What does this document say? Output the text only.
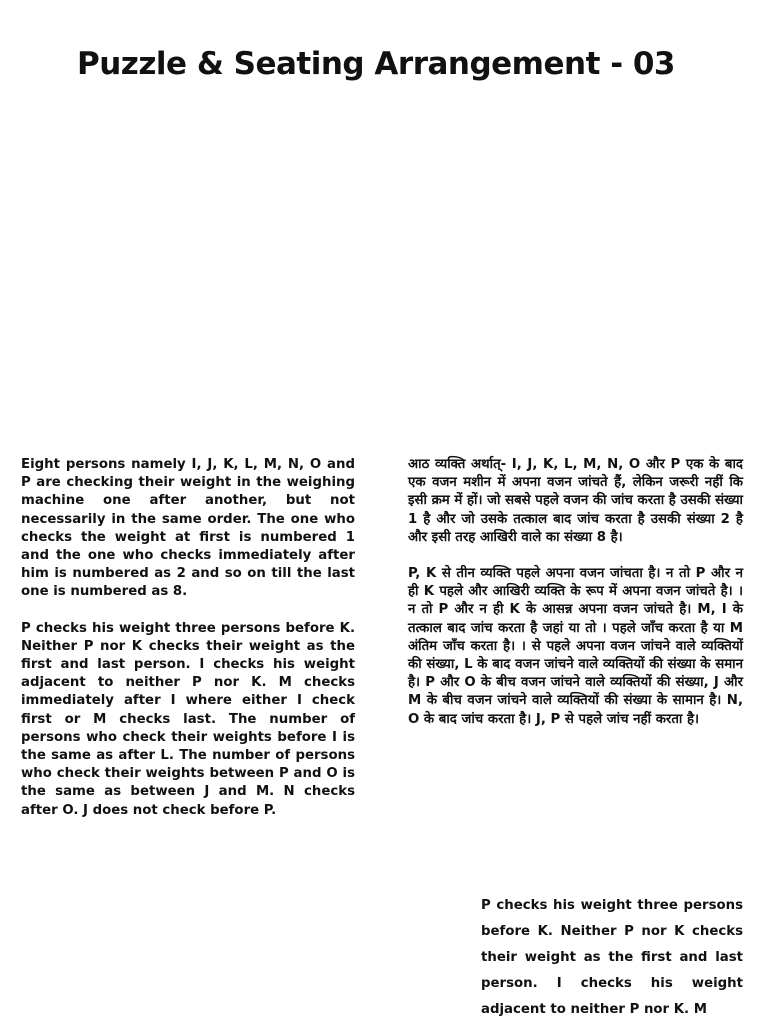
Puzzle & Seating Arrangement - 03

Eight persons namely I, J, K, L, M, N, O and P are checking their weight in the weighing machine one after another, but not necessarily in the same order. The one who checks the weight at first is numbered 1 and the one who checks immediately after him is numbered as 2 and so on till the last one is numbered as 8.

P checks his weight three persons before K. Neither P nor K checks their weight as the first and last person. I checks his weight adjacent to neither P nor K. M checks immediately after I where either I check first or M checks last. The number of persons who check their weights before I is the same as after L. The number of persons who check their weights between P and O is the same as between J and M. N checks after O. J does not check before P.

आठ व्यक्ति अर्थात्- I, J, K, L, M, N, O और P एक के बाद एक वजन मशीन में अपना वजन जांचते हैं, लेकिन जरूरी नहीं कि इसी क्रम में हों। जो सबसे पहले वजन की जांच करता है उसकी संख्या 1 है और जो उसके तत्काल बाद जांच करता है उसकी संख्या 2 है और इसी तरह आखिरी वाले का संख्या 8 है।

P, K से तीन व्यक्ति पहले अपना वजन जांचता है। न तो P और न ही K पहले और आखिरी व्यक्ति के रूप में अपना वजन जांचते है। । न तो P और न ही K के आसन्न अपना वजन जांचते है। M, I के तत्काल बाद जांच करता है जहां या तो । पहले जाँच करता है या M अंतिम जाँच करता है। । से पहले अपना वजन जांचने वाले व्यक्तियों की संख्या, L के बाद वजन जांचने वाले व्यक्तियों की संख्या के समान है। P और O के बीच वजन जांचने वाले व्यक्तियों की संख्या, J और M के बीच वजन जांचने वाले व्यक्तियों की संख्या के सामान है। N, O के बाद जांच करता है। J, P से पहले जांच नहीं करता है।

P checks his weight three persons before K. Neither P nor K checks their weight as the first and last person. I checks his weight adjacent to neither P nor K. M
